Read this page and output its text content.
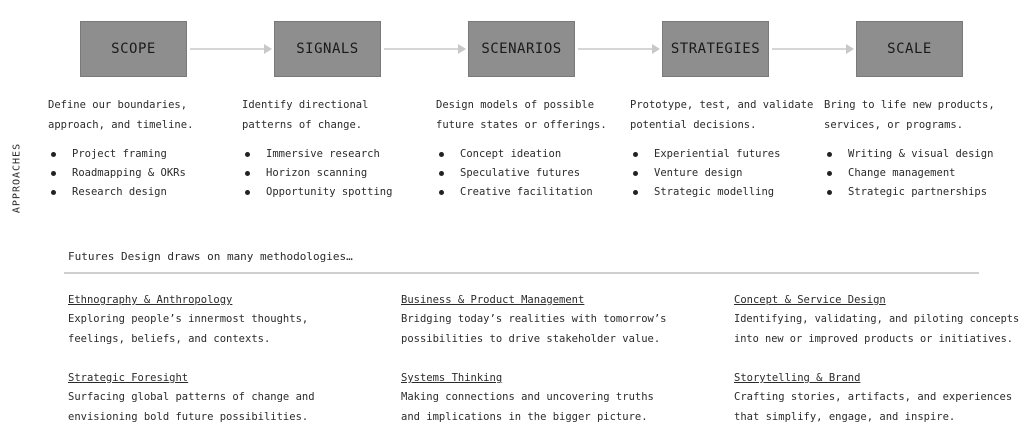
SCOPE	SIGNALS	SCENARIOS	STRATEGIES	SCALE
APPROACHES

Define our boundaries,
approach, and timeline.

Project framing
Roadmapping & OKRs
Research design

Identify directional
patterns of change.

Immersive research
Horizon scanning
Opportunity spotting

Design models of possible
future states or offerings.

Concept ideation
Speculative futures
Creative facilitation

Prototype, test, and validate
potential decisions.

Experiential futures
Venture design
Strategic modelling

Bring to life new products,
services, or programs.

Writing & visual design
Change management
Strategic partnerships
Futures Design draws on many methodologies…
Ethnography & Anthropology

Exploring people’s innermost thoughts,
feelings, beliefs, and contexts.

Business & Product Management

Bridging today’s realities with tomorrow’s
possibilities to drive stakeholder value.

Concept & Service Design

Identifying, validating, and piloting concepts
into new or improved products or initiatives.

Strategic Foresight

Surfacing global patterns of change and
envisioning bold future possibilities.

Systems Thinking

Making connections and uncovering truths
and implications in the bigger picture.

Storytelling & Brand

Crafting stories, artifacts, and experiences
that simplify, engage, and inspire.
